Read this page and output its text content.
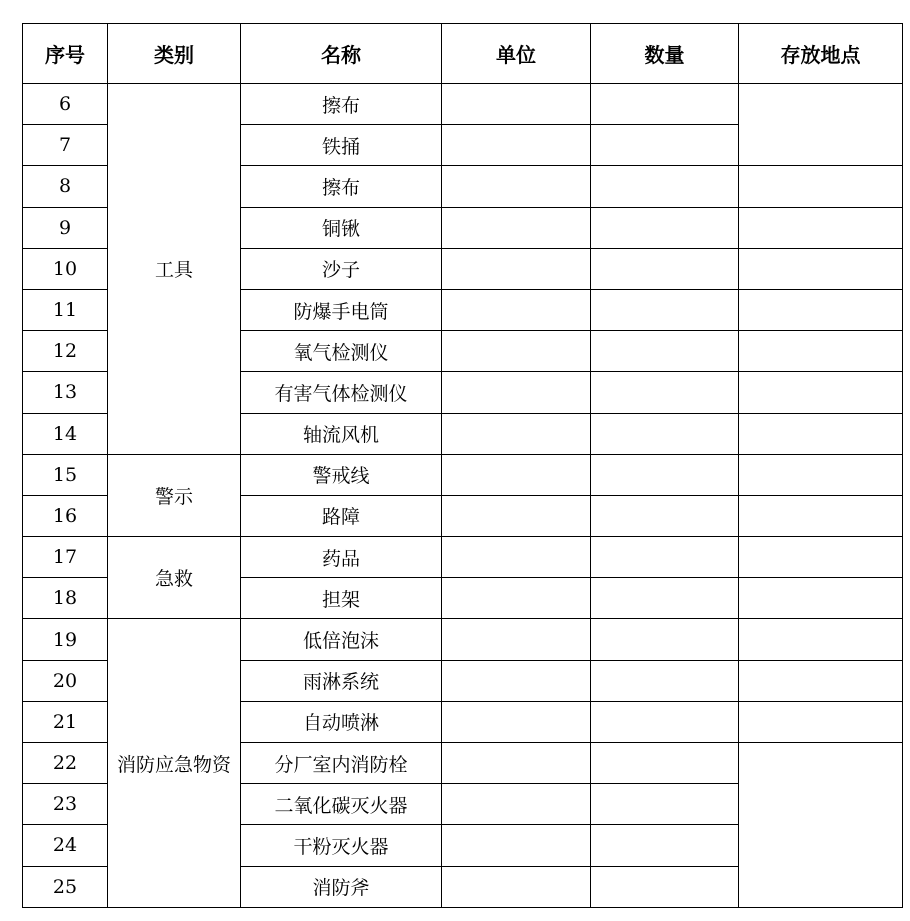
序号	类别	名称	单位	数量	存放地点
6	工具	擦布			
7		铁捅			
8		擦布			
9		铜锹			
10		沙子			
11		防爆手电筒			
12		氧气检测仪			
13		有害气体检测仪			
14		轴流风机			
15	警示	警戒线			
16		路障			
17	急救	药品			
18		担架			
19	消防应急物资	低倍泡沫			
20		雨淋系统			
21		自动喷淋			
22		分厂室内消防栓			
23		二氧化碳灭火器			
24		干粉灭火器			
25		消防斧			
